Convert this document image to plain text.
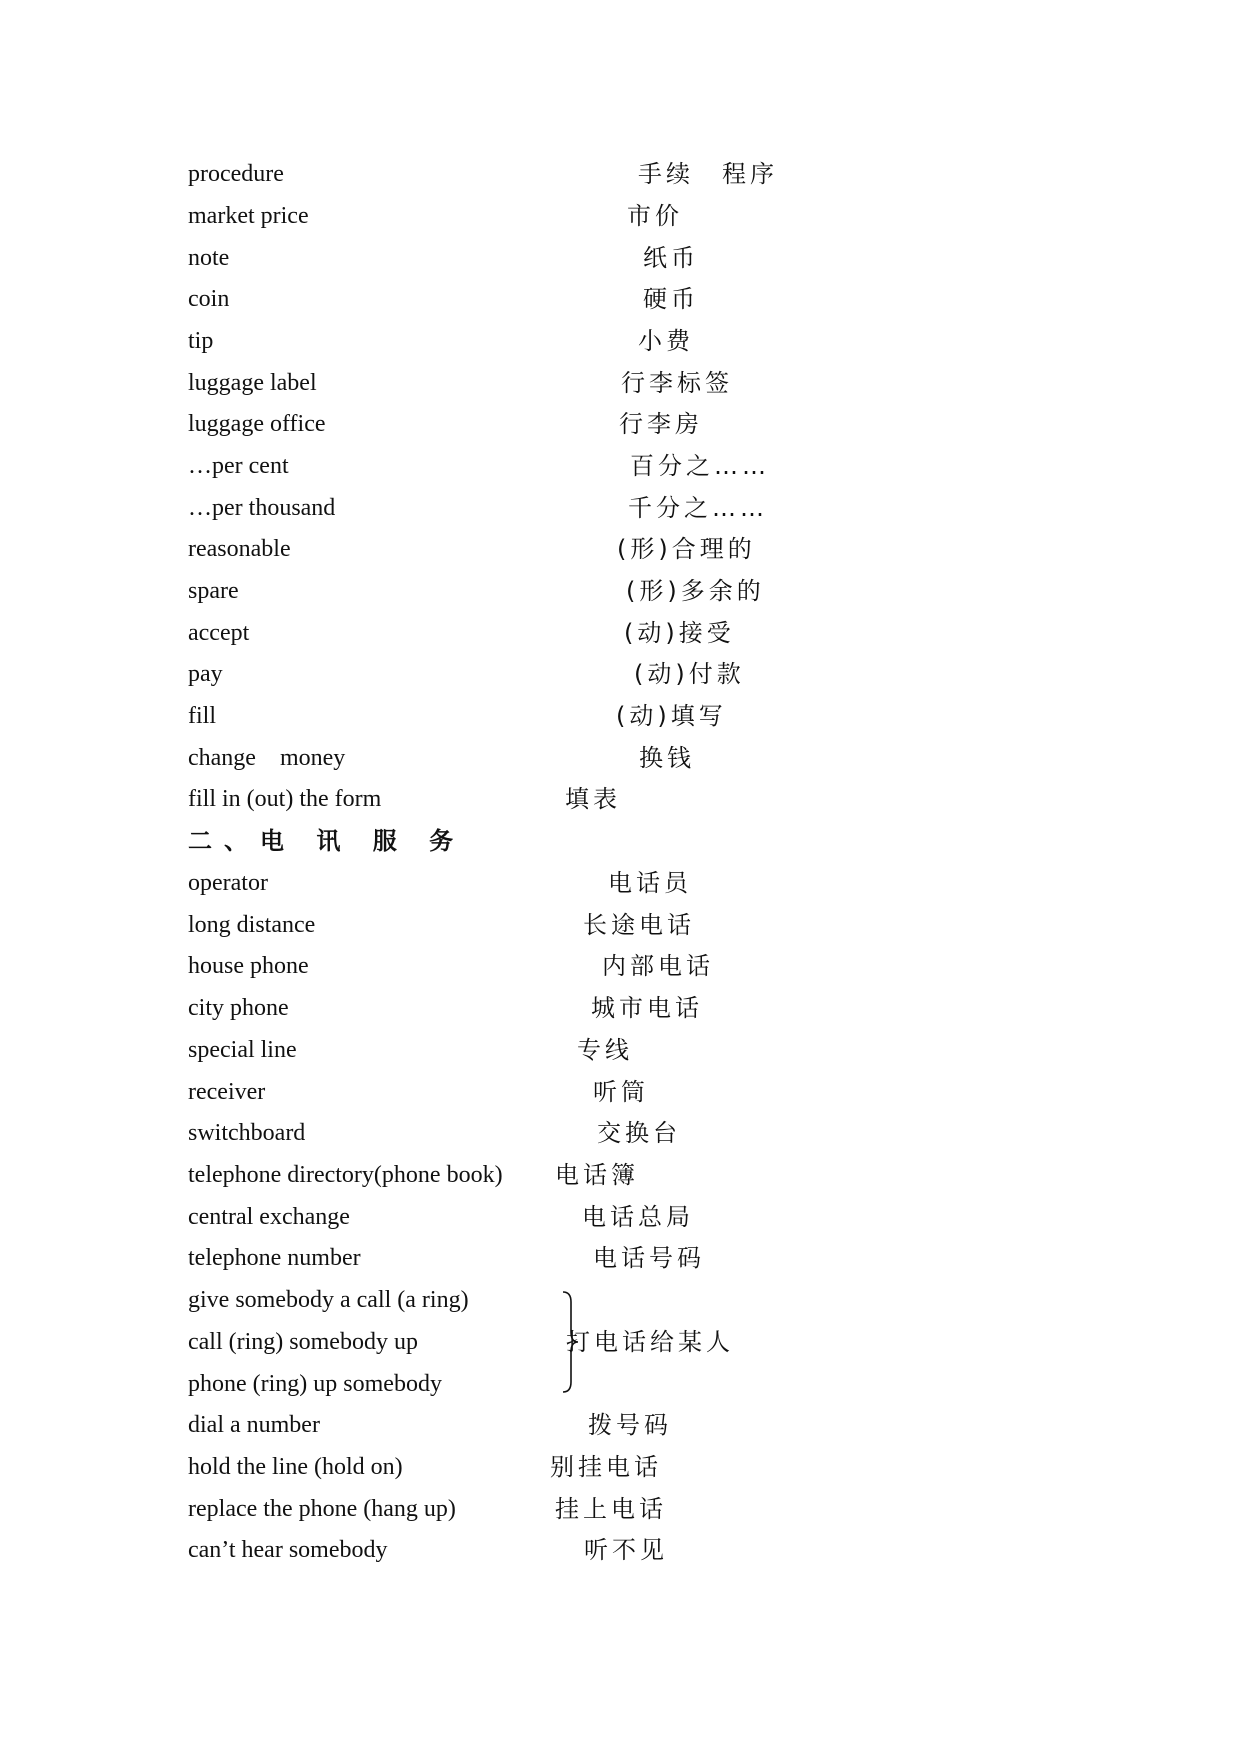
procedure	手续　程序
market price	市价
note	纸币
coin	硬币
tip	小费
luggage label	行李标签
luggage office	行李房
…per cent	百分之……
…per thousand	千分之……
reasonable	(形)合理的
spare	(形)多余的
accept	(动)接受
pay	(动)付款
fill	(动)填写
change    money	换钱
fill in (out) the form	填表
二、电 讯 服 务
operator	电话员
long distance	长途电话
house phone	内部电话
city phone	城市电话
special line	专线
receiver	听筒
switchboard	交换台
telephone directory(phone book) 电话簿
central exchange	电话总局
telephone number	电话号码
give somebody a call (a ring)
call (ring) somebody up
phone (ring) up somebody
打电话给某人
dial a number	拨号码
hold the line (hold on)	别挂电话
replace the phone (hang up)	挂上电话
can’t hear somebody	听不见
